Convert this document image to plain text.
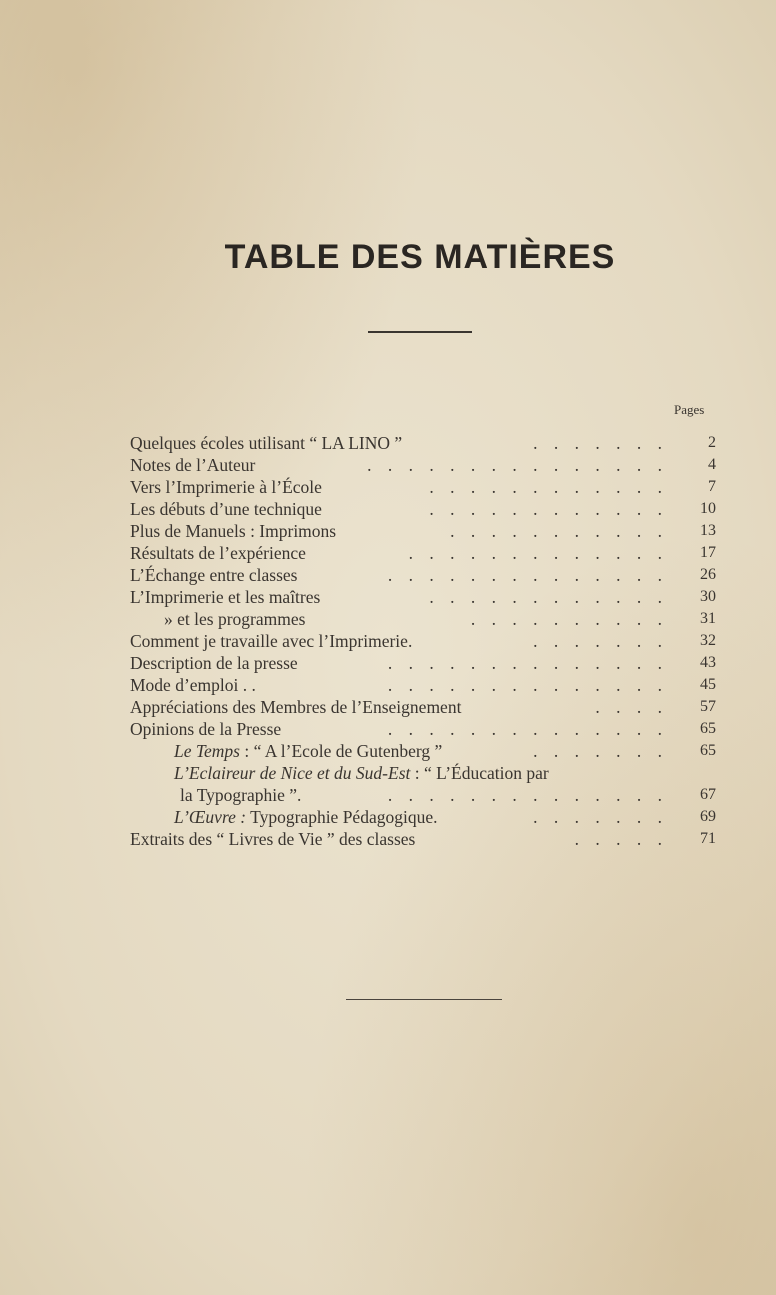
TABLE DES MATIÈRES
Pages
Quelques écoles utilisant “ LA LINO ”	. . . . . . .	2
Notes de l’Auteur	. . . . . . . . . . . . . . .	4
Vers l’Imprimerie à l’École	. . . . . . . . . . . .	7
Les débuts d’une technique	. . . . . . . . . . . .	10
Plus de Manuels : Imprimons	. . . . . . . . . . .	13
Résultats de l’expérience	. . . . . . . . . . . . .	17
L’Échange entre classes	. . . . . . . . . . . . . .	26
L’Imprimerie et les maîtres	. . . . . . . . . . . .	30
» et les programmes	. . . . . . . . . .	31
Comment je travaille avec l’Imprimerie.	. . . . . . .	32
Description de la presse	. . . . . . . . . . . . . .	43
Mode d’emploi . .	. . . . . . . . . . . . . .	45
Appréciations des Membres de l’Enseignement	. . . .	57
Opinions de la Presse	. . . . . . . . . . . . . .	65
Le Temps : “ A l’Ecole de Gutenberg ”	. . . . . . .	65
L’Eclaireur de Nice et du Sud-Est : “ L’Éducation par
la Typographie ”.	. . . . . . . . . . . . . .	67
L’Œuvre : Typographie Pédagogique.	. . . . . . .	69
Extraits des “ Livres de Vie ” des classes	. . . . .	71
